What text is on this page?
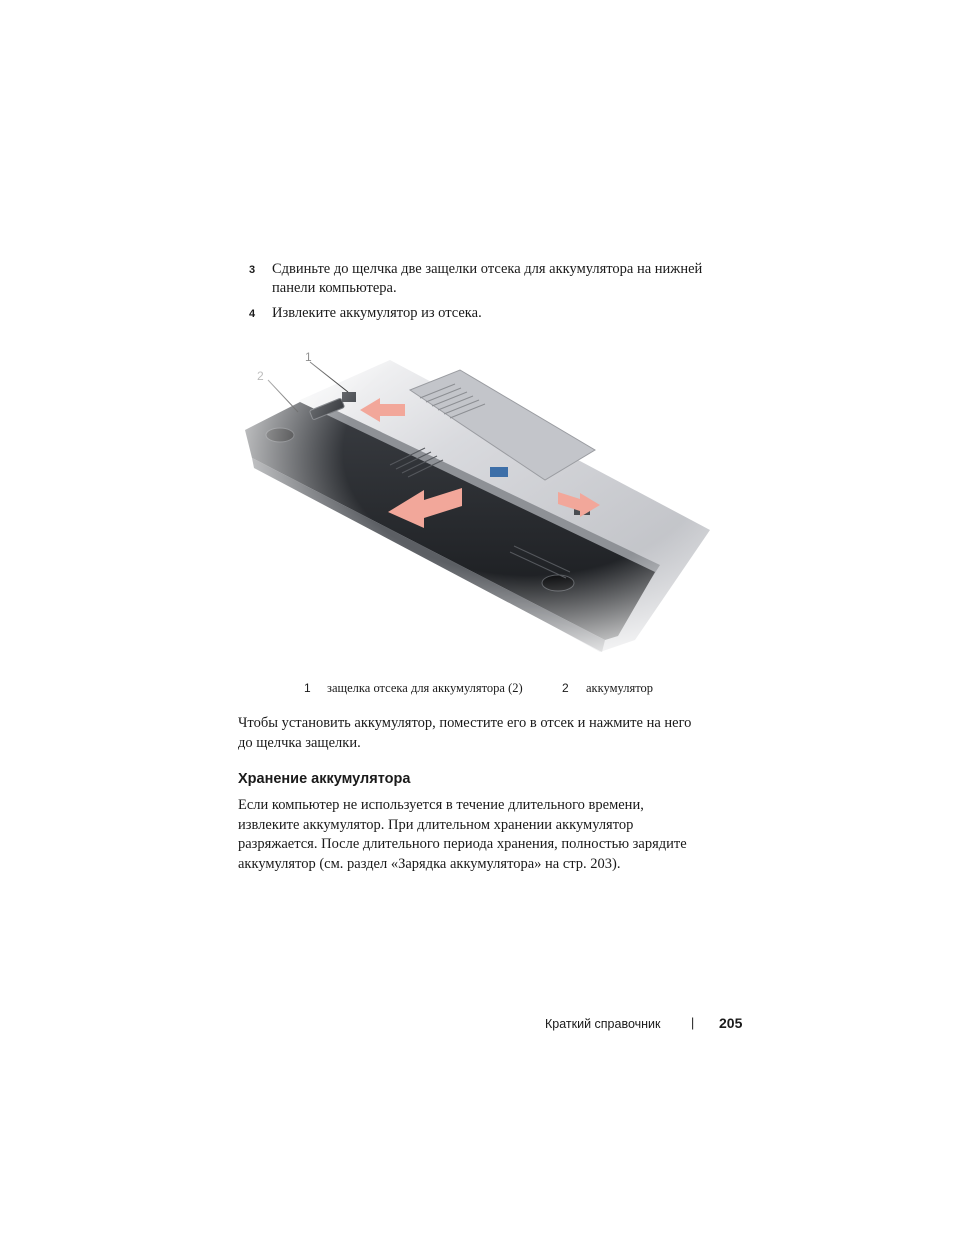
3 Сдвиньте до щелчка две защелки отсека для аккумулятора на нижней
панели компьютера.
4 Извлеките аккумулятор из отсека.
1 защелка отсека для аккумулятора (2)	2 аккумулятор
Чтобы установить аккумулятор, поместите его в отсек и нажмите на него
до щелчка защелки.
Хранение аккумулятора
Если компьютер не используется в течение длительного времени,
извлеките аккумулятор. При длительном хранении аккумулятор
разряжается. После длительного периода хранения, полностью зарядите
аккумулятор (см. раздел «Зарядка аккумулятора» на стр. 203).
Краткий справочник | 205
